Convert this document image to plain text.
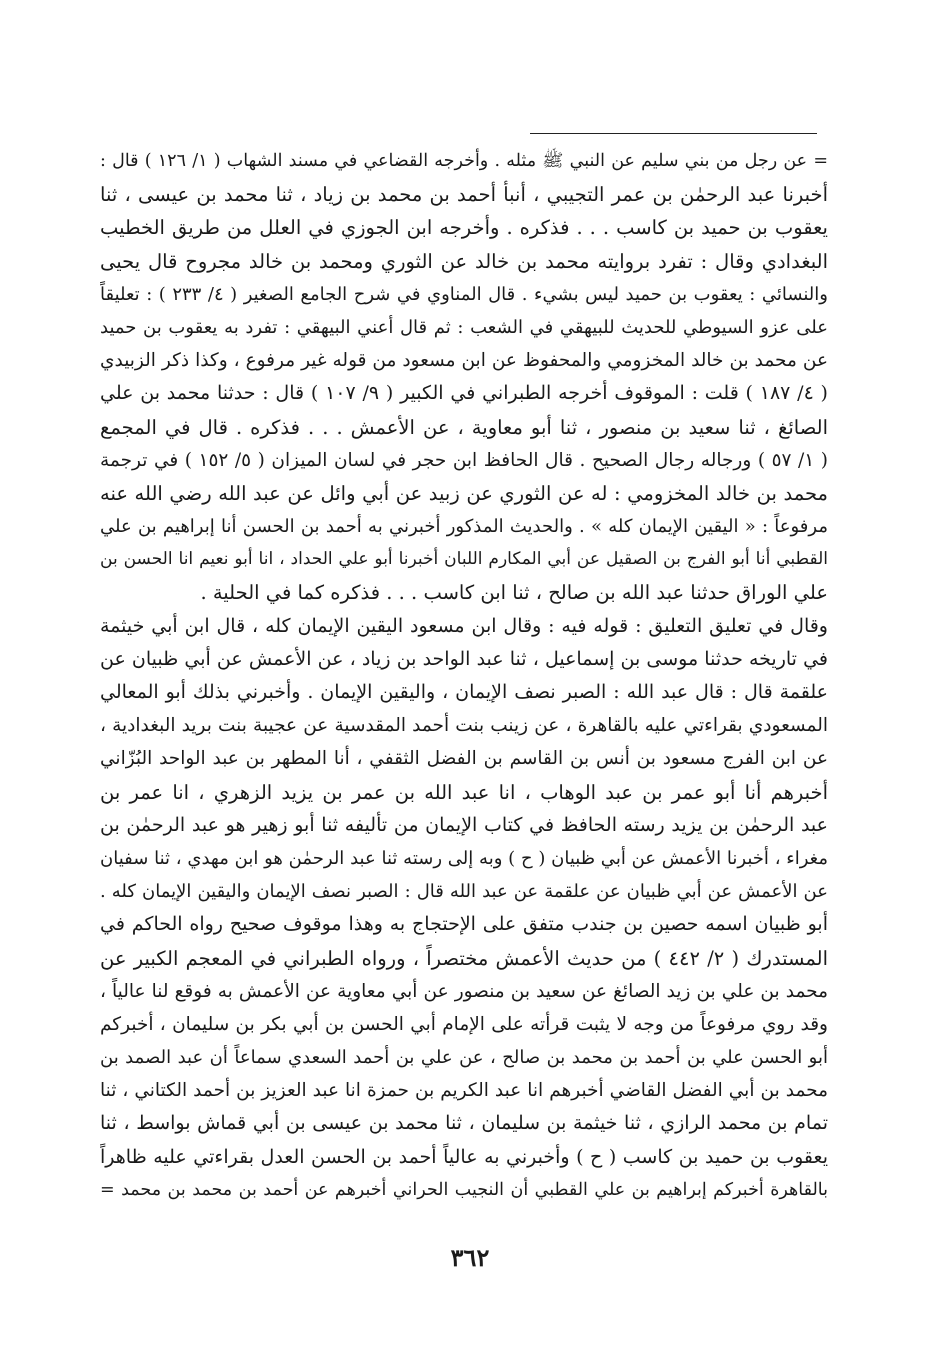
= عن رجل من بني سليم عن النبي ﷺ مثله . وأخرجه القضاعي في مسند الشهاب ( ١/ ١٢٦ ) قال :
أخبرنا عبد الرحمٰن بن عمر التجيبي ، أنبأ أحمد بن محمد بن زياد ، ثنا محمد بن عيسى ، ثنا
يعقوب بن حميد بن كاسب . . . فذكره . وأخرجه ابن الجوزي في العلل من طريق الخطيب
البغدادي وقال : تفرد بروايته محمد بن خالد عن الثوري ومحمد بن خالد مجروح قال يحيى
والنسائي : يعقوب بن حميد ليس بشيء . قال المناوي في شرح الجامع الصغير ( ٤/ ٢٣٣ ) : تعليقاً
على عزو السيوطي للحديث للبيهقي في الشعب : ثم قال أعني البيهقي : تفرد به يعقوب بن حميد
عن محمد بن خالد المخزومي والمحفوظ عن ابن مسعود من قوله غير مرفوع ، وكذا ذكر الزبيدي
( ٤/ ١٨٧ ) قلت : الموقوف أخرجه الطبراني في الكبير ( ٩/ ١٠٧ ) قال : حدثنا محمد بن علي
الصائغ ، ثنا سعيد بن منصور ، ثنا أبو معاوية ، عن الأعمش . . . فذكره . قال في المجمع
( ١/ ٥٧ ) ورجاله رجال الصحيح . قال الحافظ ابن حجر في لسان الميزان ( ٥/ ١٥٢ ) في ترجمة
محمد بن خالد المخزومي : له عن الثوري عن زبيد عن أبي وائل عن عبد الله رضي الله عنه
مرفوعاً : « اليقين الإيمان كله » . والحديث المذكور أخبرني به أحمد بن الحسن أنا إبراهيم بن علي
القطبي أنا أبو الفرج بن الصقيل عن أبي المكارم اللبان أخبرنا أبو علي الحداد ، انا أبو نعيم انا الحسن بن
علي الوراق حدثنا عبد الله بن صالح ، ثنا ابن كاسب . . . فذكره كما في الحلية .
وقال في تعليق التعليق : قوله فيه : وقال ابن مسعود اليقين الإيمان كله ، قال ابن أبي خيثمة
في تاريخه حدثنا موسى بن إسماعيل ، ثنا عبد الواحد بن زياد ، عن الأعمش عن أبي ظبيان عن
علقمة قال : قال عبد الله : الصبر نصف الإيمان ، واليقين الإيمان . وأخبرني بذلك أبو المعالي
المسعودي بقراءتي عليه بالقاهرة ، عن زينب بنت أحمد المقدسية عن عجيبة بنت بريد البغدادية ،
عن ابن الفرج مسعود بن أنس بن القاسم بن الفضل الثقفي ، أنا المطهر بن عبد الواحد البُزّاني
أخبرهم أنا أبو عمر بن عبد الوهاب ، انا عبد الله بن عمر بن يزيد الزهري ، انا عمر بن
عبد الرحمٰن بن يزيد رسته الحافظ في كتاب الإيمان من تأليفه ثنا أبو زهير هو عبد الرحمٰن بن
مغراء ، أخبرنا الأعمش عن أبي ظبيان ( ح ) وبه إلى رسته ثنا عبد الرحمٰن هو ابن مهدي ، ثنا سفيان
عن الأعمش عن أبي ظبيان عن علقمة عن عبد الله قال : الصبر نصف الإيمان واليقين الإيمان كله .
أبو ظبيان اسمه حصين بن جندب متفق على الإحتجاج به وهذا موقوف صحيح رواه الحاكم في
المستدرك ( ٢/ ٤٤٢ ) من حديث الأعمش مختصراً ، ورواه الطبراني في المعجم الكبير عن
محمد بن علي بن زيد الصائغ عن سعيد بن منصور عن أبي معاوية عن الأعمش به فوقع لنا عالياً ،
وقد روي مرفوعاً من وجه لا يثبت قرأته على الإمام أبي الحسن بن أبي بكر بن سليمان ، أخبركم
أبو الحسن علي بن أحمد بن محمد بن صالح ، عن علي بن أحمد السعدي سماعاً أن عبد الصمد بن
محمد بن أبي الفضل القاضي أخبرهم انا عبد الكريم بن حمزة انا عبد العزيز بن أحمد الكتاني ، ثنا
تمام بن محمد الرازي ، ثنا خيثمة بن سليمان ، ثنا محمد بن عيسى بن أبي قماش بواسط ، ثنا
يعقوب بن حميد بن كاسب ( ح ) وأخبرني به عالياً أحمد بن الحسن العدل بقراءتي عليه ظاهراً
بالقاهرة أخبركم إبراهيم بن علي القطبي أن النجيب الحراني أخبرهم عن أحمد بن محمد بن محمد =
٣٦٢
